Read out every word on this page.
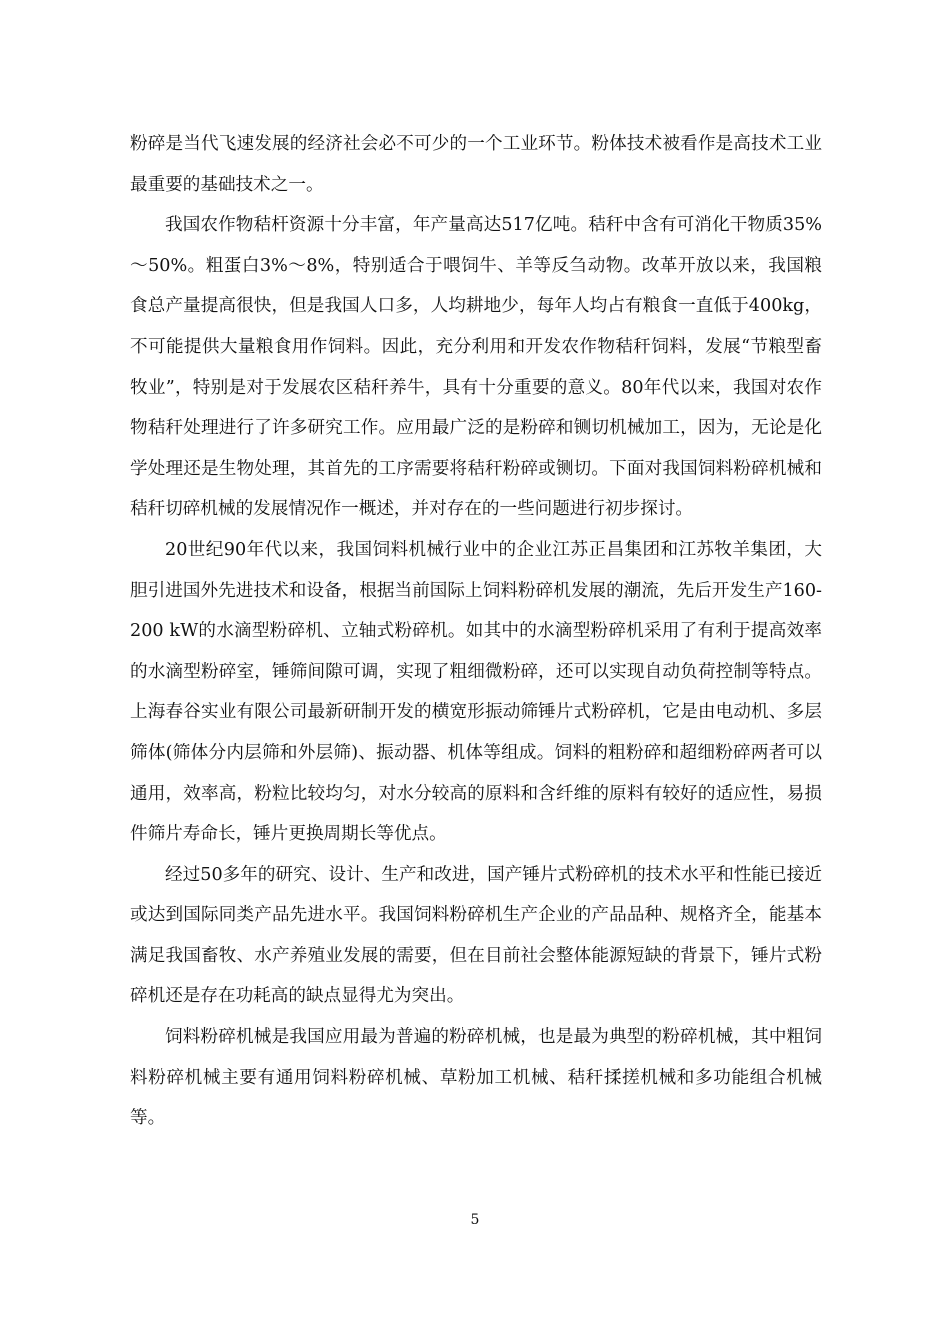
粉碎是当代飞速发展的经济社会必不可少的一个工业环节。粉体技术被看作是高技术工业最重要的基础技术之一。

我国农作物秸杆资源十分丰富，年产量高达517亿吨。秸秆中含有可消化干物质35%～50%。粗蛋白3%～8%，特别适合于喂饲牛、羊等反刍动物。改革开放以来，我国粮食总产量提高很快，但是我国人口多，人均耕地少，每年人均占有粮食一直低于400kg，不可能提供大量粮食用作饲料。因此，充分利用和开发农作物秸秆饲料，发展“节粮型畜牧业”，特别是对于发展农区秸秆养牛，具有十分重要的意义。80年代以来，我国对农作物秸秆处理进行了许多研究工作。应用最广泛的是粉碎和铡切机械加工，因为，无论是化学处理还是生物处理，其首先的工序需要将秸秆粉碎或铡切。下面对我国饲料粉碎机械和秸秆切碎机械的发展情况作一概述，并对存在的一些问题进行初步探讨。

20世纪90年代以来，我国饲料机械行业中的企业江苏正昌集团和江苏牧羊集团，大胆引进国外先进技术和设备，根据当前国际上饲料粉碎机发展的潮流，先后开发生产160-200 kW的水滴型粉碎机、立轴式粉碎机。如其中的水滴型粉碎机采用了有利于提高效率的水滴型粉碎室，锤筛间隙可调，实现了粗细微粉碎，还可以实现自动负荷控制等特点。上海春谷实业有限公司最新研制开发的横宽形振动筛锤片式粉碎机，它是由电动机、多层筛体(筛体分内层筛和外层筛)、振动器、机体等组成。饲料的粗粉碎和超细粉碎两者可以通用，效率高，粉粒比较均匀，对水分较高的原料和含纤维的原料有较好的适应性，易损件筛片寿命长，锤片更换周期长等优点。

经过50多年的研究、设计、生产和改进，国产锤片式粉碎机的技术水平和性能已接近或达到国际同类产品先进水平。我国饲料粉碎机生产企业的产品品种、规格齐全，能基本满足我国畜牧、水产养殖业发展的需要，但在目前社会整体能源短缺的背景下，锤片式粉碎机还是存在功耗高的缺点显得尤为突出。

饲料粉碎机械是我国应用最为普遍的粉碎机械，也是最为典型的粉碎机械，其中粗饲料粉碎机械主要有通用饲料粉碎机械、草粉加工机械、秸秆揉搓机械和多功能组合机械等。

5
